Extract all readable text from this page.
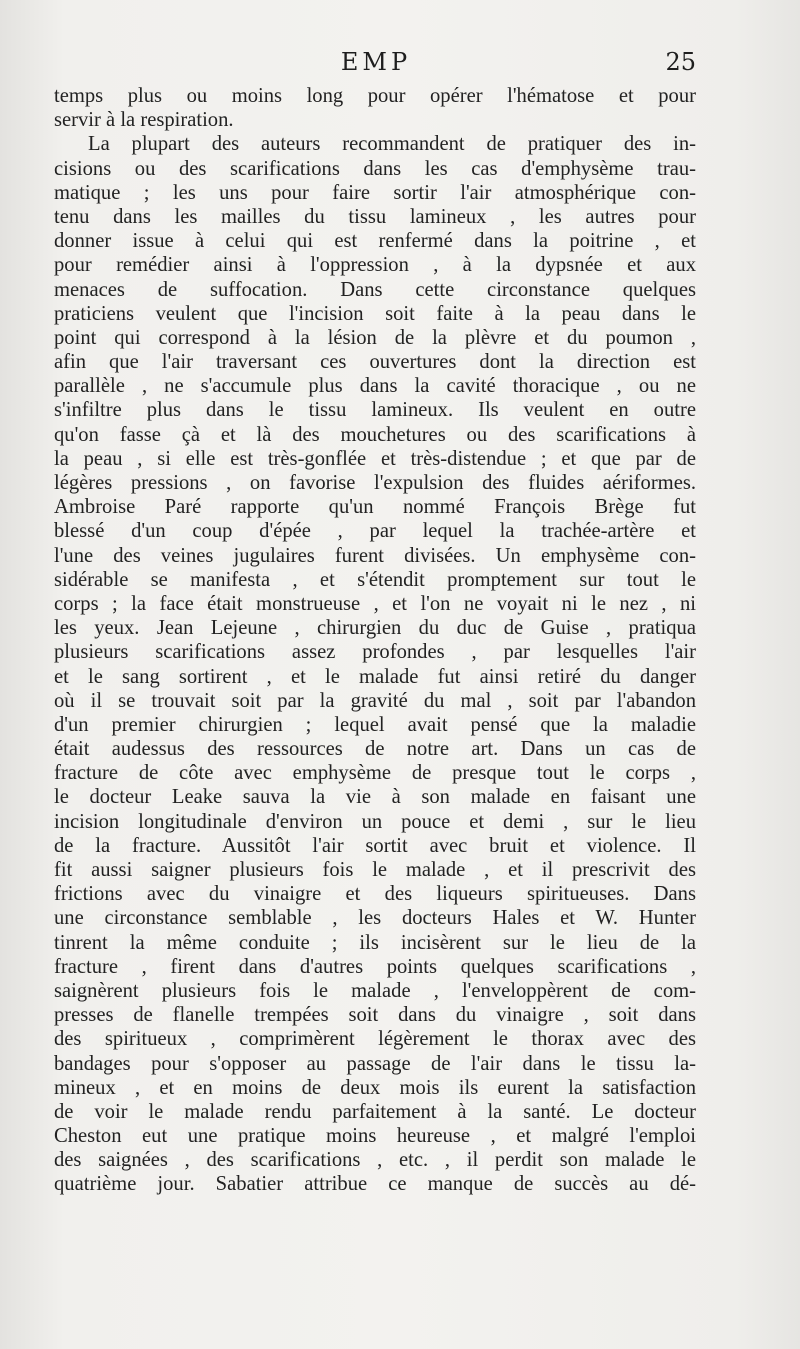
EMP	25
temps plus ou moins long pour opérer l'hématose et pour
servir à la respiration.
La plupart des auteurs recommandent de pratiquer des in-
cisions ou des scarifications dans les cas d'emphysème trau-
matique ; les uns pour faire sortir l'air atmosphérique con-
tenu dans les mailles du tissu lamineux , les autres pour
donner issue à celui qui est renfermé dans la poitrine , et
pour remédier ainsi à l'oppression , à la dypsnée et aux
menaces de suffocation. Dans cette circonstance quelques
praticiens veulent que l'incision soit faite à la peau dans le
point qui correspond à la lésion de la plèvre et du poumon ,
afin que l'air traversant ces ouvertures dont la direction est
parallèle , ne s'accumule plus dans la cavité thoracique , ou ne
s'infiltre plus dans le tissu lamineux. Ils veulent en outre
qu'on fasse çà et là des mouchetures ou des scarifications à
la peau , si elle est très-gonflée et très-distendue ; et que par de
légères pressions , on favorise l'expulsion des fluides aériformes.
Ambroise Paré rapporte qu'un nommé François Brège fut
blessé d'un coup d'épée , par lequel la trachée-artère et
l'une des veines jugulaires furent divisées. Un emphysème con-
sidérable se manifesta , et s'étendit promptement sur tout le
corps ; la face était monstrueuse , et l'on ne voyait ni le nez , ni
les yeux. Jean Lejeune , chirurgien du duc de Guise , pratiqua
plusieurs scarifications assez profondes , par lesquelles l'air
et le sang sortirent , et le malade fut ainsi retiré du danger
où il se trouvait soit par la gravité du mal , soit par l'abandon
d'un premier chirurgien ; lequel avait pensé que la maladie
était audessus des ressources de notre art. Dans un cas de
fracture de côte avec emphysème de presque tout le corps ,
le docteur Leake sauva la vie à son malade en faisant une
incision longitudinale d'environ un pouce et demi , sur le lieu
de la fracture. Aussitôt l'air sortit avec bruit et violence. Il
fit aussi saigner plusieurs fois le malade , et il prescrivit des
frictions avec du vinaigre et des liqueurs spiritueuses. Dans
une circonstance semblable , les docteurs Hales et W. Hunter
tinrent la même conduite ; ils incisèrent sur le lieu de la
fracture , firent dans d'autres points quelques scarifications ,
saignèrent plusieurs fois le malade , l'enveloppèrent de com-
presses de flanelle trempées soit dans du vinaigre , soit dans
des spiritueux , comprimèrent légèrement le thorax avec des
bandages pour s'opposer au passage de l'air dans le tissu la-
mineux , et en moins de deux mois ils eurent la satisfaction
de voir le malade rendu parfaitement à la santé. Le docteur
Cheston eut une pratique moins heureuse , et malgré l'emploi
des saignées , des scarifications , etc. , il perdit son malade le
quatrième jour. Sabatier attribue ce manque de succès au dé-
